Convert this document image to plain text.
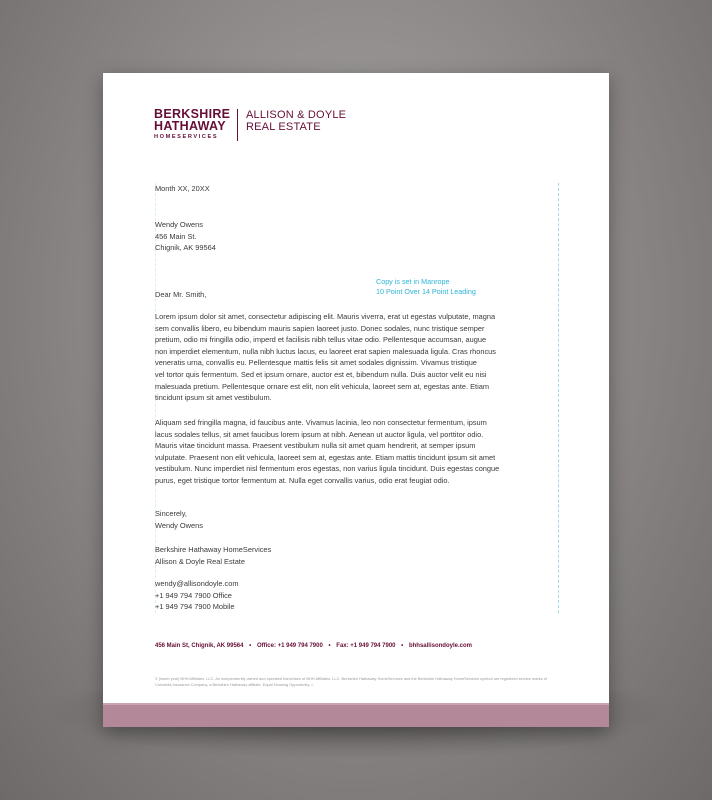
BERKSHIRE
HATHAWAY
HOMESERVICES
ALLISON & DOYLE
REAL ESTATE
Month XX, 20XX
Wendy Owens
456 Main St.
Chignik, AK 99564
Copy is set in Manrope
10 Point Over 14 Point Leading
Dear Mr. Smith,
Lorem ipsum dolor sit amet, consectetur adipiscing elit. Mauris viverra, erat ut egestas vulputate, magna
sem convallis libero, eu bibendum mauris sapien laoreet justo. Donec sodales, nunc tristique semper
pretium, odio mi fringilla odio, imperd et facilisis nibh tellus vitae odio. Pellentesque accumsan, augue
non imperdiet elementum, nulla nibh luctus lacus, eu laoreet erat sapien malesuada ligula. Cras rhoncus
veneratis urna, convallis eu. Pellentesque mattis felis sit amet sodales dignissim. Vivamus tristique
vel tortor quis fermentum. Sed et ipsum ornare, auctor est et, bibendum nulla. Duis auctor velit eu nisi
malesuada pretium. Pellentesque ornare est elit, non elit vehicula, laoreet sem at, egestas ante. Etiam
tincidunt ipsum sit amet vestibulum.
Aliquam sed fringilla magna, id faucibus ante. Vivamus lacinia, leo non consectetur fermentum, ipsum
lacus sodales tellus, sit amet faucibus lorem ipsum at nibh. Aenean ut auctor ligula, vel porttitor odio.
Mauris vitae tincidunt massa. Praesent vestibulum nulla sit amet quam hendrerit, at semper ipsum
vulputate. Praesent non elit vehicula, laoreet sem at, egestas ante. Etiam mattis tincidunt ipsum sit amet
vestibulum. Nunc imperdiet nisl fermentum eros egestas, non varius ligula tincidunt. Duis egestas congue
purus, eget tristique tortor fermentum at. Nulla eget convallis varius, odio erat feugiat odio.
Sincerely,
Wendy Owens
Berkshire Hathaway HomeServices
Allison & Doyle Real Estate
wendy@allisondoyle.com
+1 949 794 7900 Office
+1 949 794 7900 Mobile
456 Main St, Chignik, AK 99564 • Office: +1 949 794 7900 • Fax: +1 949 794 7900 • bhhsallisondoyle.com
© [insert year] BHH Affiliates, LLC. An independently owned and operated franchisee of BHH Affiliates, LLC. Berkshire Hathaway HomeServices and the Berkshire Hathaway HomeServices symbol are registered service marks of Columbia Insurance Company, a Berkshire Hathaway affiliate. Equal Housing Opportunity. ⌂
